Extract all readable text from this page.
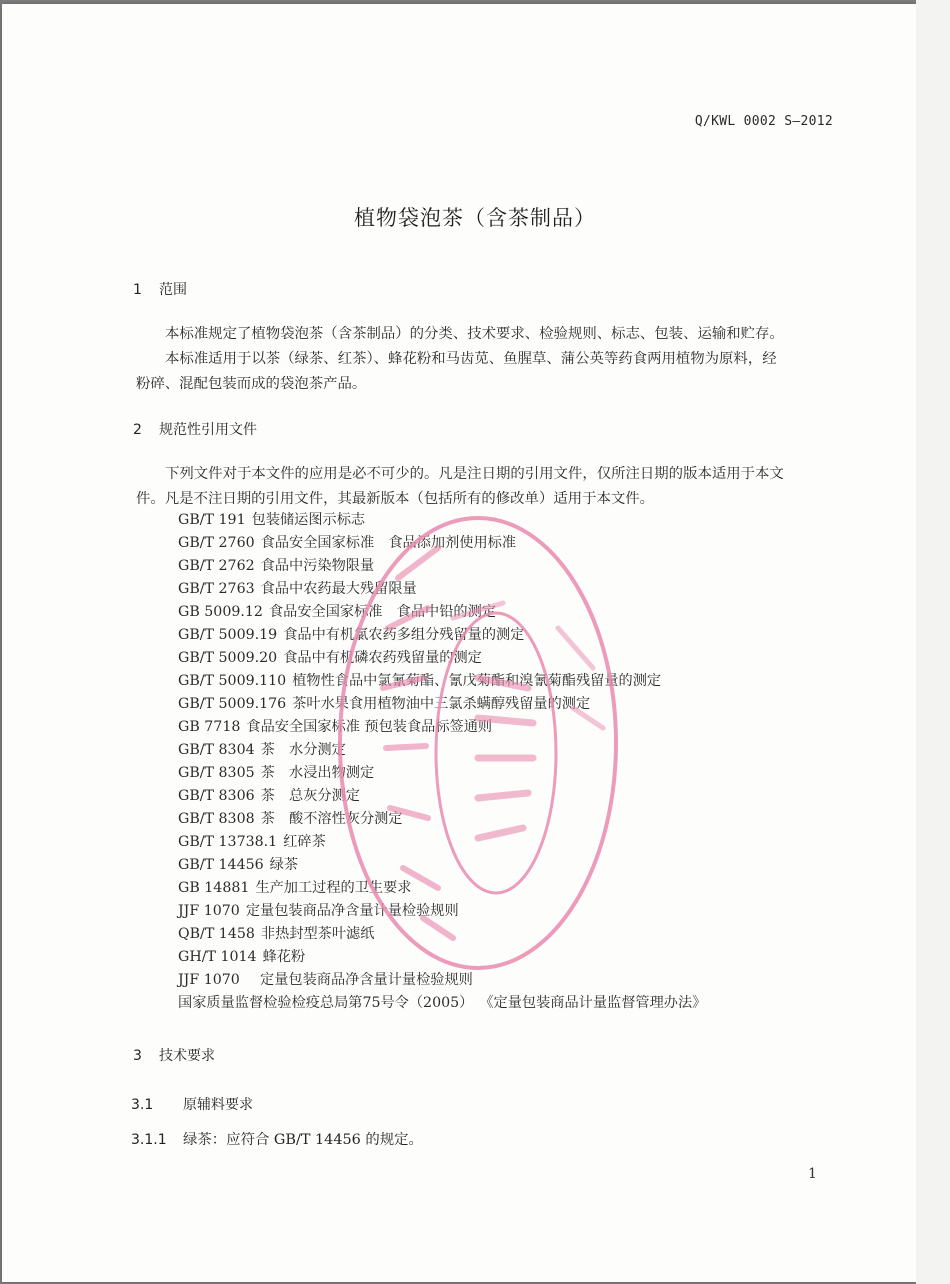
Q/KWL 0002 S—2012
植物袋泡茶（含茶制品）
1 范围
本标准规定了植物袋泡茶（含茶制品）的分类、技术要求、检验规则、标志、包装、运输和贮存。
本标准适用于以茶（绿茶、红茶）、蜂花粉和马齿苋、鱼腥草、蒲公英等药食两用植物为原料，经
粉碎、混配包装而成的袋泡茶产品。
2 规范性引用文件
下列文件对于本文件的应用是必不可少的。凡是注日期的引用文件，仅所注日期的版本适用于本文
件。凡是不注日期的引用文件，其最新版本（包括所有的修改单）适用于本文件。
GB/T 191 包装储运图示标志
GB/T 2760 食品安全国家标准　食品添加剂使用标准
GB/T 2762 食品中污染物限量
GB/T 2763 食品中农药最大残留限量
GB 5009.12 食品安全国家标准　食品中铅的测定
GB/T 5009.19 食品中有机氯农药多组分残留量的测定
GB/T 5009.20 食品中有机磷农药残留量的测定
GB/T 5009.110 植物性食品中氯氰菊酯、氰戊菊酯和溴氰菊酯残留量的测定
GB/T 5009.176 茶叶水果食用植物油中三氯杀螨醇残留量的测定
GB 7718 食品安全国家标准 预包装食品标签通则
GB/T 8304 茶　水分测定
GB/T 8305 茶　水浸出物测定
GB/T 8306 茶　总灰分测定
GB/T 8308 茶　酸不溶性灰分测定
GB/T 13738.1 红碎茶
GB/T 14456 绿茶
GB 14881 生产加工过程的卫生要求
JJF 1070 定量包装商品净含量计量检验规则
QB/T 1458 非热封型茶叶滤纸
GH/T 1014 蜂花粉
JJF 1070　定量包装商品净含量计量检验规则
国家质量监督检验检疫总局第75号令（2005） 《定量包装商品计量监督管理办法》
3 技术要求
3.1 原辅料要求
3.1.1 绿茶：应符合 GB/T 14456 的规定。
1
